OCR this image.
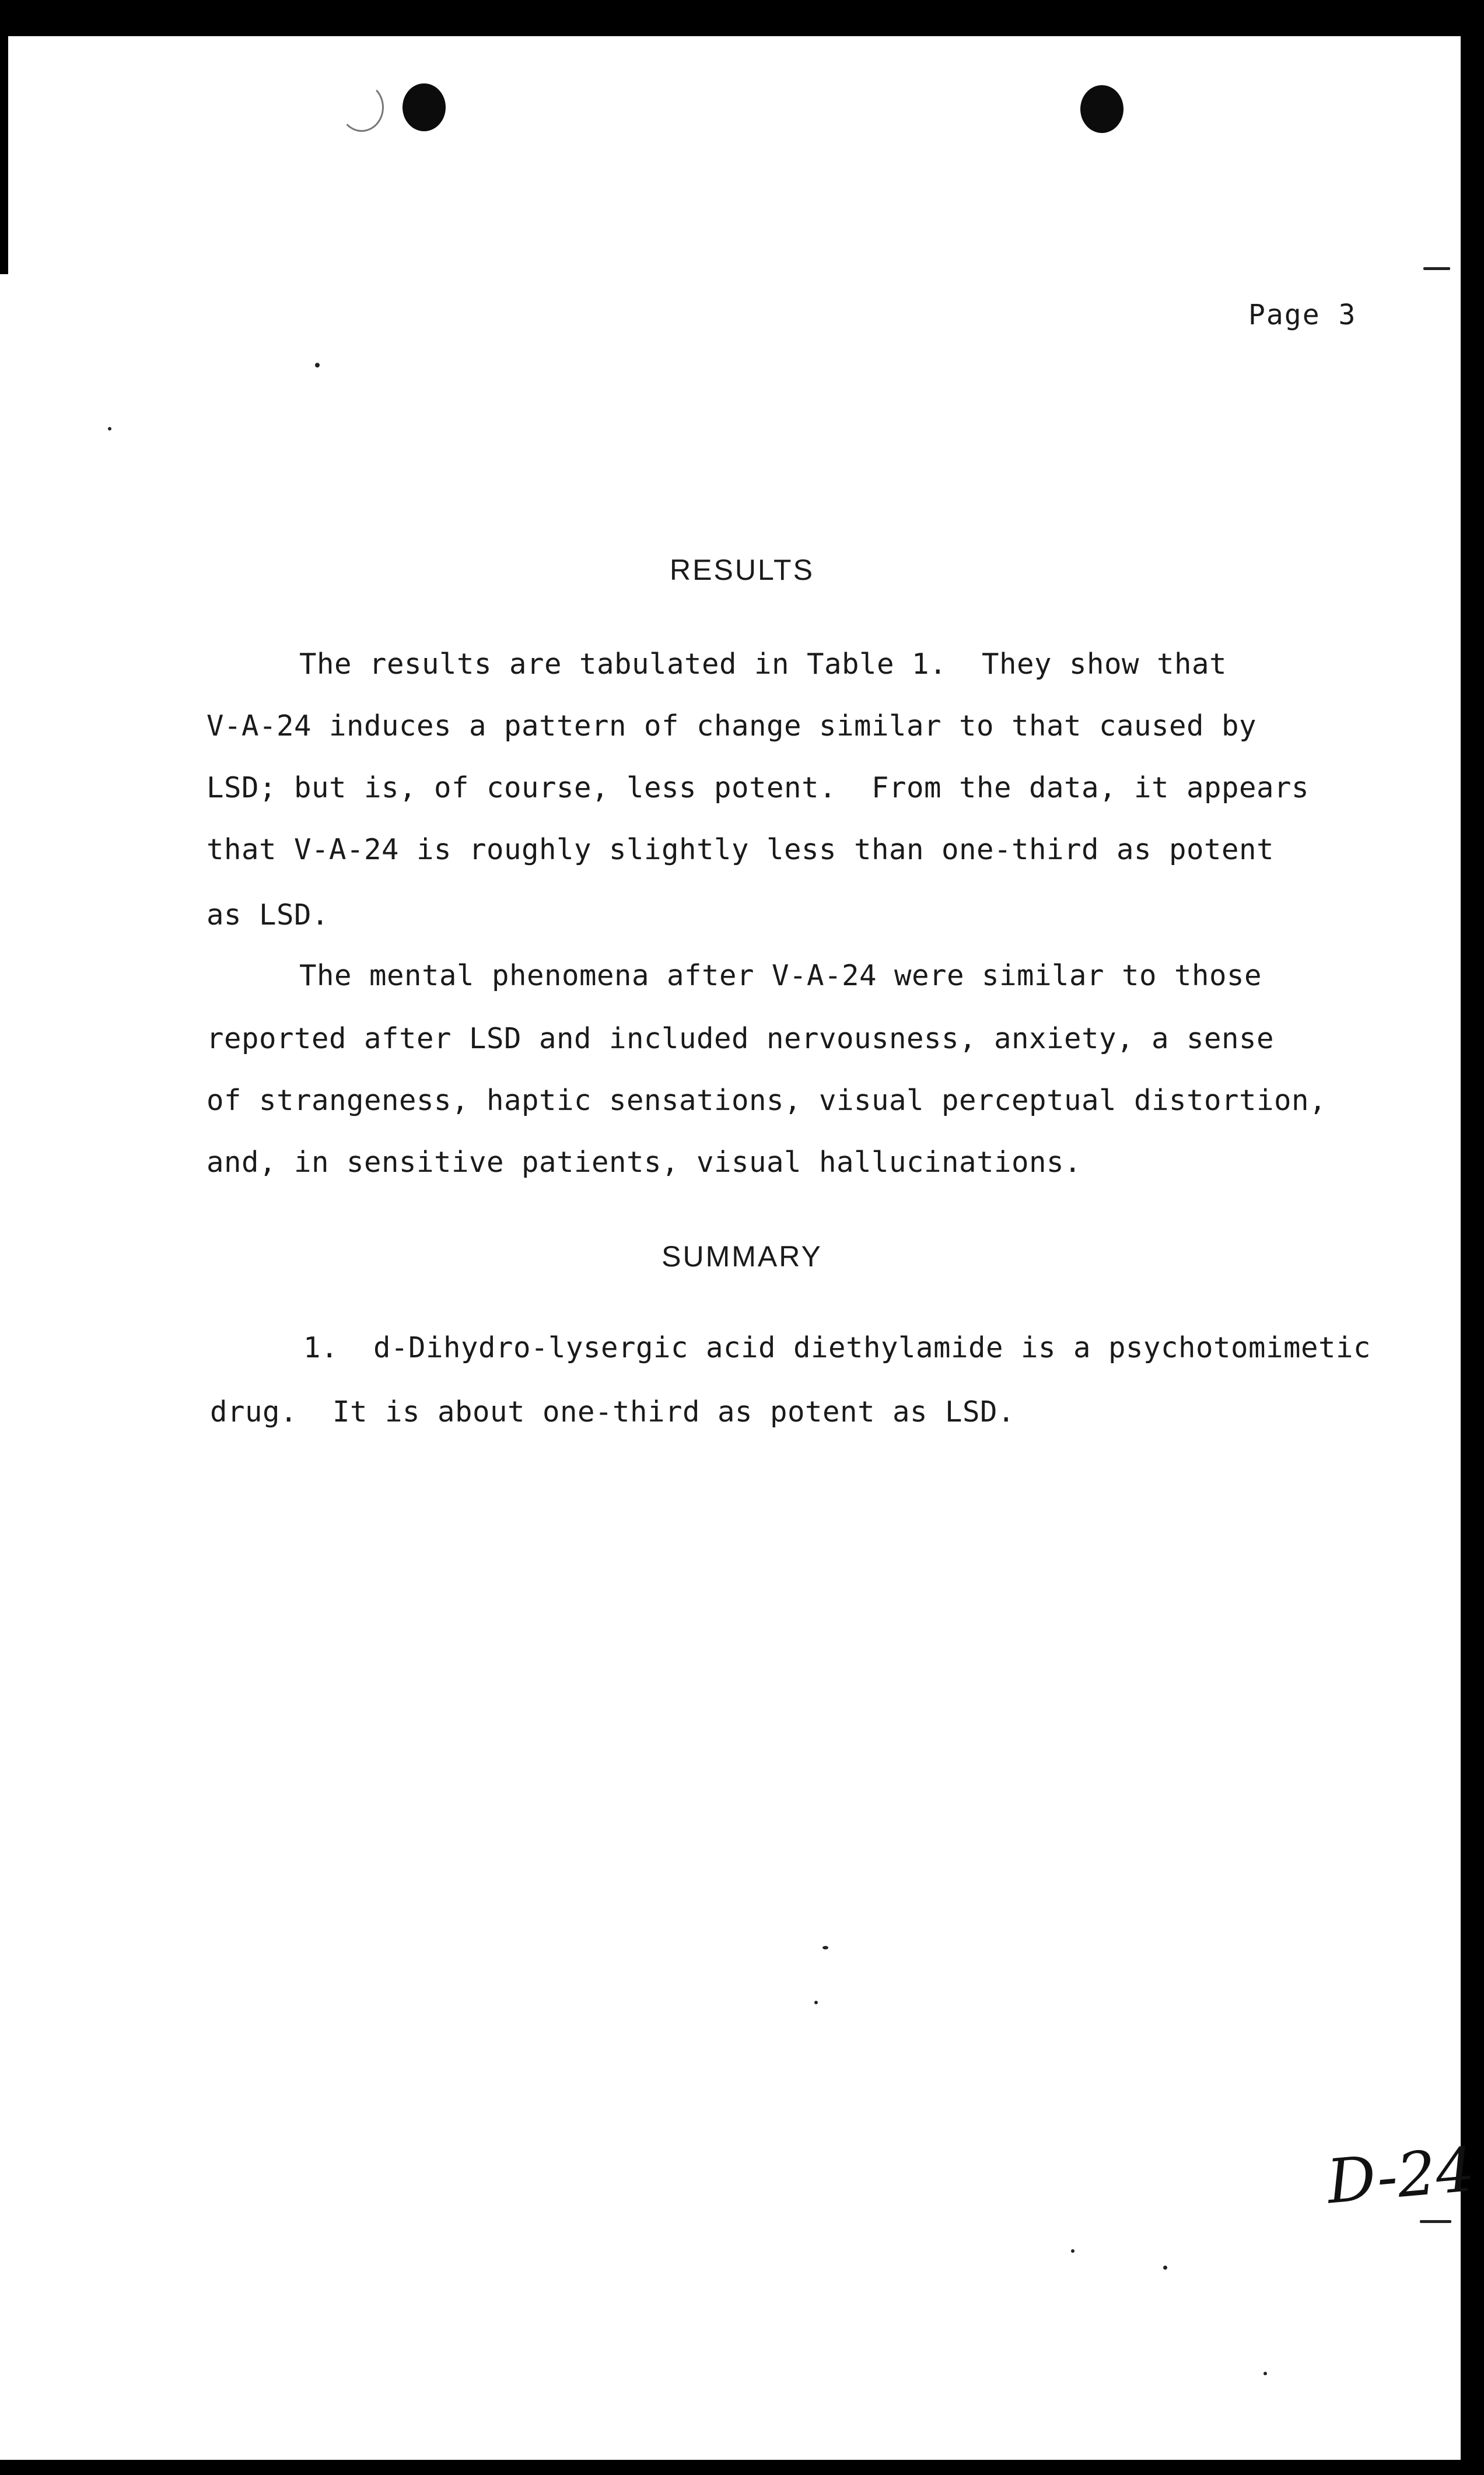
Page 3
RESULTS
The results are tabulated in Table 1.  They show that
V-A-24 induces a pattern of change similar to that caused by
LSD; but is, of course, less potent.  From the data, it appears
that V-A-24 is roughly slightly less than one-third as potent
as LSD.
The mental phenomena after V-A-24 were similar to those
reported after LSD and included nervousness, anxiety, a sense
of strangeness, haptic sensations, visual perceptual distortion,
and, in sensitive patients, visual hallucinations.
SUMMARY
1.  d-Dihydro-lysergic acid diethylamide is a psychotomimetic
drug.  It is about one-third as potent as LSD.
D-24
